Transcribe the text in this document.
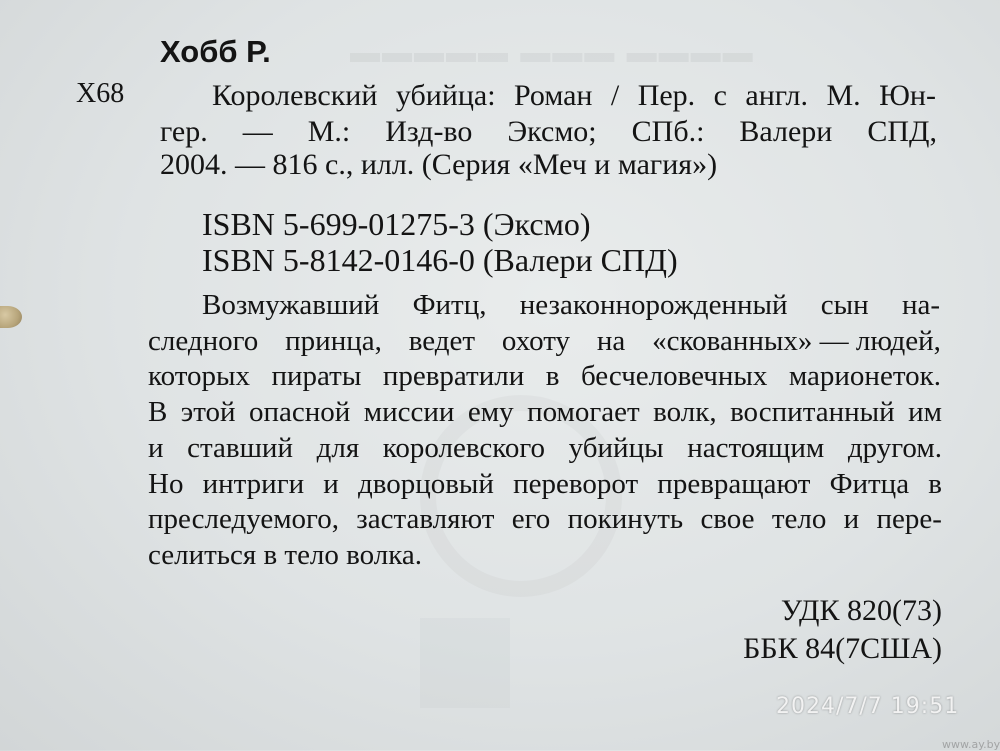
▬▬▬▬▬ ▬▬▬ ▬▬▬▬
Хобб Р.
Х68	Королевский убийца: Роман / Пер. с англ. М. Юн-
гер. — М.: Изд-во Эксмо; СПб.: Валери СПД,
2004. — 816 с., илл. (Серия «Меч и магия»)
ISBN 5-699-01275-3 (Эксмо)
ISBN 5-8142-0146-0 (Валери СПД)
Возмужавший Фитц, незаконнорожденный сын на-
следного принца, ведет охоту на «скованных» — людей,
которых пираты превратили в бесчеловечных марионеток.
В этой опасной миссии ему помогает волк, воспитанный им
и ставший для королевского убийцы настоящим другом.
Но интриги и дворцовый переворот превращают Фитца в
преследуемого, заставляют его покинуть свое тело и пере-
селиться в тело волка.
УДК 820(73)
ББК 84(7США)
2024/7/7 19:51
www.ay.by
